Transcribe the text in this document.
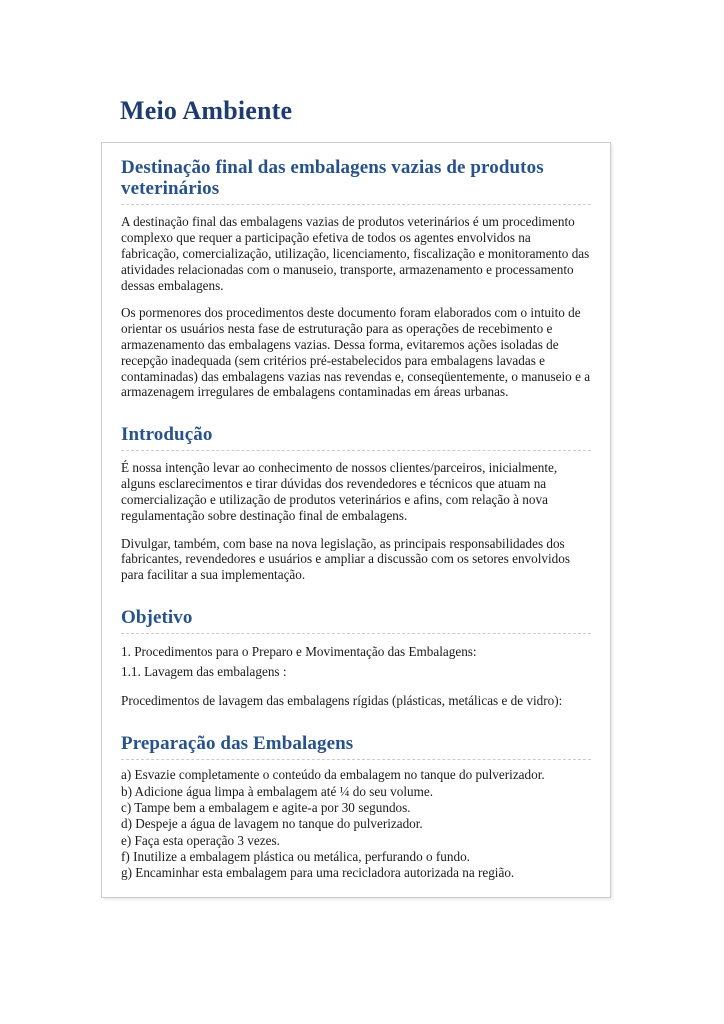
Meio Ambiente
Destinação final das embalagens vazias de produtos veterinários

A destinação final das embalagens vazias de produtos veterinários é um procedimento complexo que requer a participação efetiva de todos os agentes envolvidos na fabricação, comercialização, utilização, licenciamento, fiscalização e monitoramento das atividades relacionadas com o manuseio, transporte, armazenamento e processamento dessas embalagens.

Os pormenores dos procedimentos deste documento foram elaborados com o intuito de orientar os usuários nesta fase de estruturação para as operações de recebimento e armazenamento das embalagens vazias. Dessa forma, evitaremos ações isoladas de recepção inadequada (sem critérios pré-estabelecidos para embalagens lavadas e contaminadas) das embalagens vazias nas revendas e, conseqüentemente, o manuseio e a armazenagem irregulares de embalagens contaminadas em áreas urbanas.

Introdução

É nossa intenção levar ao conhecimento de nossos clientes/parceiros, inicialmente, alguns esclarecimentos e tirar dúvidas dos revendedores e técnicos que atuam na comercialização e utilização de produtos veterinários e afins, com relação à nova regulamentação sobre destinação final de embalagens.

Divulgar, também, com base na nova legislação, as principais responsabilidades dos fabricantes, revendedores e usuários e ampliar a discussão com os setores envolvidos para facilitar a sua implementação.

Objetivo
1. Procedimentos para o Preparo e Movimentação das Embalagens:
1.1. Lavagem das embalagens :

Procedimentos de lavagem das embalagens rígidas (plásticas, metálicas e de vidro):

Preparação das Embalagens
a) Esvazie completamente o conteúdo da embalagem no tanque do pulverizador.
b) Adicione água limpa à embalagem até ¼ do seu volume.
c) Tampe bem a embalagem e agite-a por 30 segundos.
d) Despeje a água de lavagem no tanque do pulverizador.
e) Faça esta operação 3 vezes.
f) Inutilize a embalagem plástica ou metálica, perfurando o fundo.
g) Encaminhar esta embalagem para uma recicladora autorizada na região.
